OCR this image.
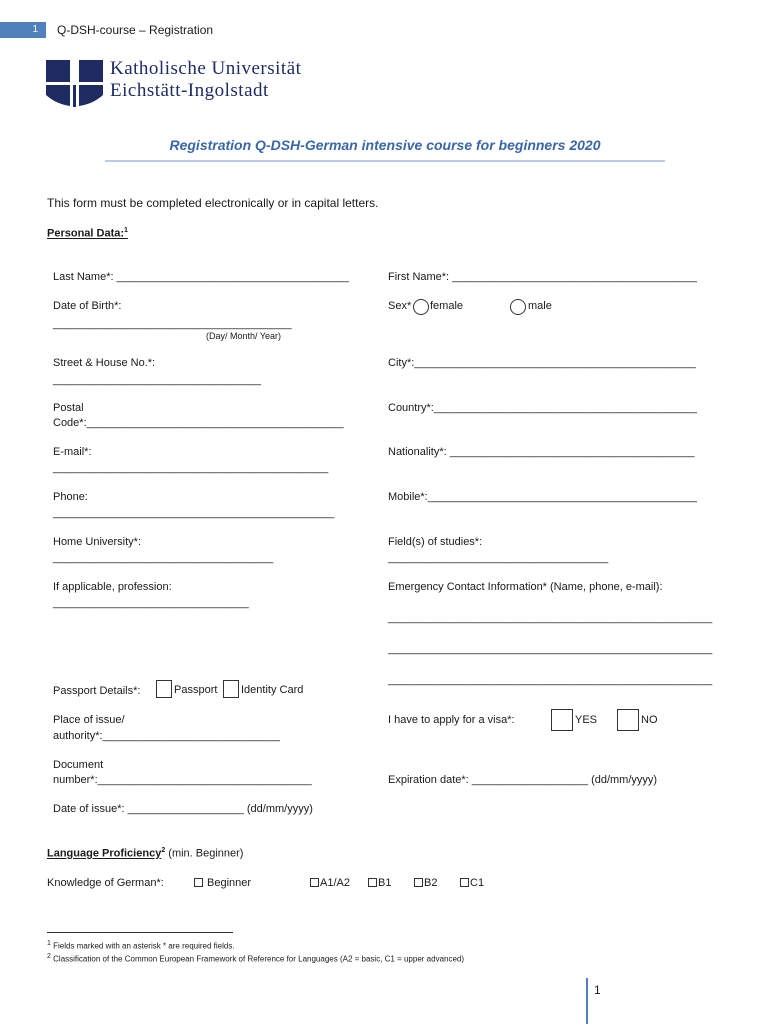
1	Q-DSH-course – Registration
Katholische Universität
Eichstätt-Ingolstadt
Registration Q-DSH-German intensive course for beginners 2020
This form must be completed electronically or in capital letters.
Personal Data:$^1$
Last Name*: ______________________________________	First Name*: ________________________________________
Date of Birth*:
_______________________________________
(Day/ Month/ Year)
Sex* female	male
Street & House No.*:
__________________________________
City*:______________________________________________
Postal
Code*:__________________________________________
Country*:___________________________________________
E-mail*:
_____________________________________________
Nationality*: ________________________________________
Phone:
______________________________________________
Mobile*:____________________________________________
Home University*:
____________________________________
Field(s) of studies*:
____________________________________
If applicable, profession:
________________________________
Emergency Contact Information* (Name, phone, e-mail):
_____________________________________________________
_____________________________________________________
_____________________________________________________
Passport Details*:	Passport Identity Card
Place of issue/
authority*:_____________________________
I have to apply for a visa*:	YES	NO
Document
number*:___________________________________	Expiration date*: ___________________ (dd/mm/yyyy)
Date of issue*: ___________________ (dd/mm/yyyy)
Language Proficiency$^2$ (min. Beginner)
Knowledge of German*:	Beginner	A1/A2	B1	B2	C1
$^1$ Fields marked with an asterisk * are required fields.
$^2$ Classification of the Common European Framework of Reference for Languages (A2 = basic, C1 = upper advanced)
1
